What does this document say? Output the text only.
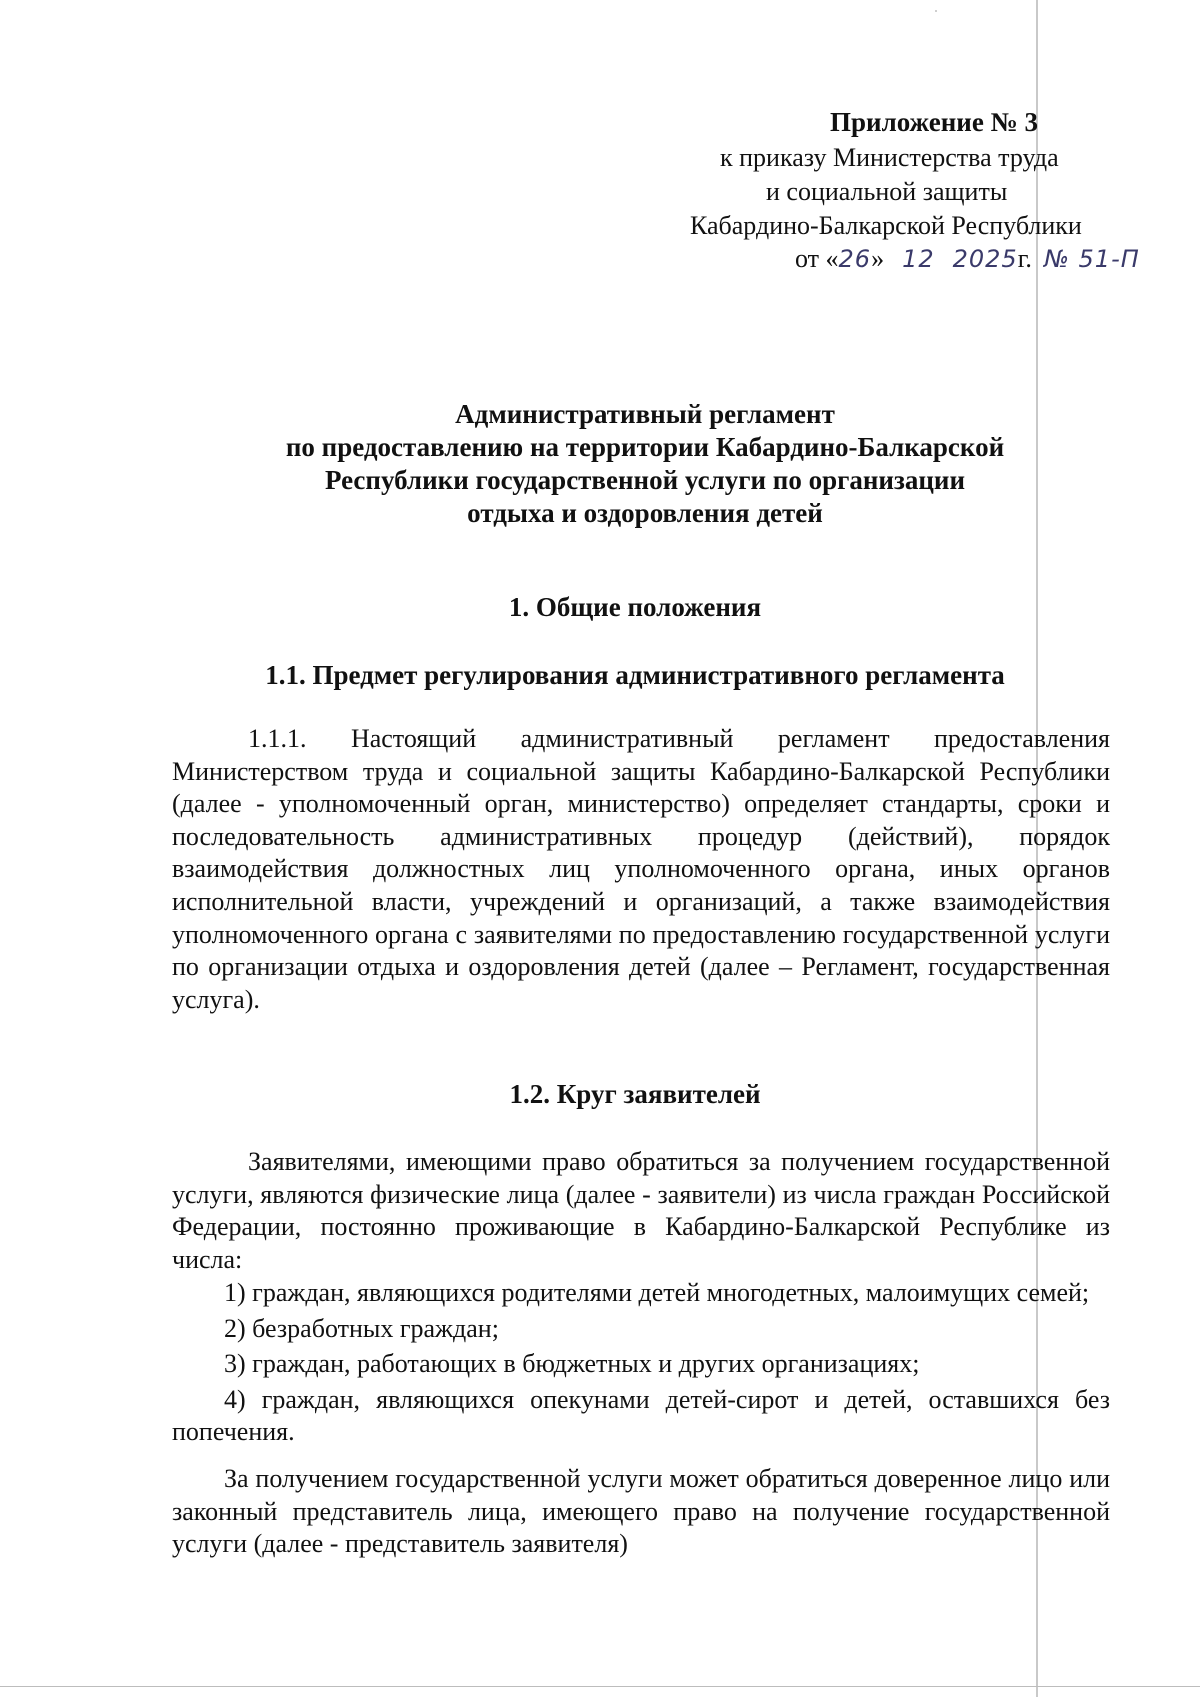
Приложение № 3
к приказу Министерства труда
и социальной защиты
Кабардино-Балкарской Республики
от « 26 » 12 2025 г. № 51-П
Административный регламент
по предоставлению на территории Кабардино-Балкарской
Республики государственной услуги по организации
отдыха и оздоровления детей
1. Общие положения
1.1. Предмет регулирования административного регламента
1.1.1. Настоящий административный регламент предоставления Министерством труда и социальной защиты Кабардино-Балкарской Республики (далее - уполномоченный орган, министерство) определяет стандарты, сроки и последовательность административных процедур (действий), порядок взаимодействия должностных лиц уполномоченного органа, иных органов исполнительной власти, учреждений и организаций, а также взаимодействия уполномоченного органа с заявителями по предоставлению государственной услуги по организации отдыха и оздоровления детей (далее – Регламент, государственная услуга).
1.2. Круг заявителей
Заявителями, имеющими право обратиться за получением государственной услуги, являются физические лица (далее - заявители) из числа граждан Российской Федерации, постоянно проживающие в Кабардино-Балкарской Республике из числа:
1) граждан, являющихся родителями детей многодетных, малоимущих семей;
2) безработных граждан;
3) граждан, работающих в бюджетных и других организациях;
4) граждан, являющихся опекунами детей-сирот и детей, оставшихся без попечения.
За получением государственной услуги может обратиться доверенное лицо или законный представитель лица, имеющего право на получение государственной услуги (далее - представитель заявителя)
